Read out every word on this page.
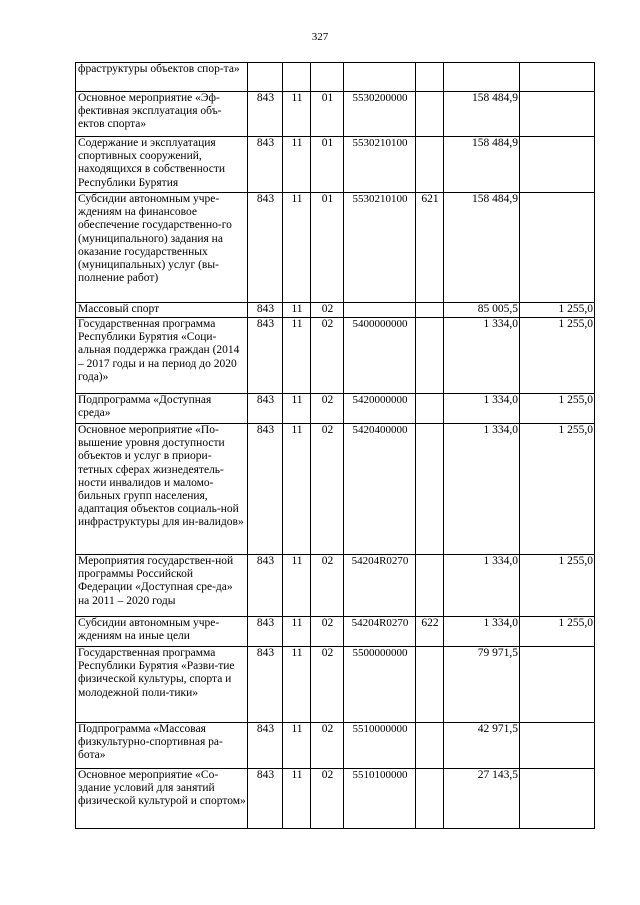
327
фраструктуры объектов спор-та»							
Основное мероприятие «Эф-фективная эксплуатация объ-ектов спорта»	843	11	01	5530200000		158 484,9	
Содержание и эксплуатация спортивных сооружений, находящихся в собственности Республики Бурятия	843	11	01	5530210100		158 484,9	
Субсидии автономным учре-ждениям на финансовое обеспечение государственно-го (муниципального) задания на оказание государственных (муниципальных) услуг (вы-полнение работ)	843	11	01	5530210100	621	158 484,9	
Массовый спорт	843	11	02			85 005,5	1 255,0
Государственная программа Республики Бурятия «Соци-альная поддержка граждан (2014 – 2017 годы и на период до 2020 года)»	843	11	02	5400000000		1 334,0	1 255,0
Подпрограмма «Доступная среда»	843	11	02	5420000000		1 334,0	1 255,0
Основное мероприятие «По-вышение уровня доступности объектов и услуг в приори-тетных сферах жизнедеятель-ности инвалидов и маломо-бильных групп населения, адаптация объектов социаль-ной инфраструктуры для ин-валидов»	843	11	02	5420400000		1 334,0	1 255,0
Мероприятия государствен-ной программы Российской Федерации «Доступная сре-да» на 2011 – 2020 годы	843	11	02	54204R0270		1 334,0	1 255,0
Субсидии автономным учре-ждениям на иные цели	843	11	02	54204R0270	622	1 334,0	1 255,0
Государственная программа Республики Бурятия «Разви-тие физической культуры, спорта и молодежной поли-тики»	843	11	02	5500000000		79 971,5	
Подпрограмма «Массовая физкультурно-спортивная ра-бота»	843	11	02	5510000000		42 971,5	
Основное мероприятие «Со-здание условий для занятий физической культурой и спортом»	843	11	02	5510100000		27 143,5	
